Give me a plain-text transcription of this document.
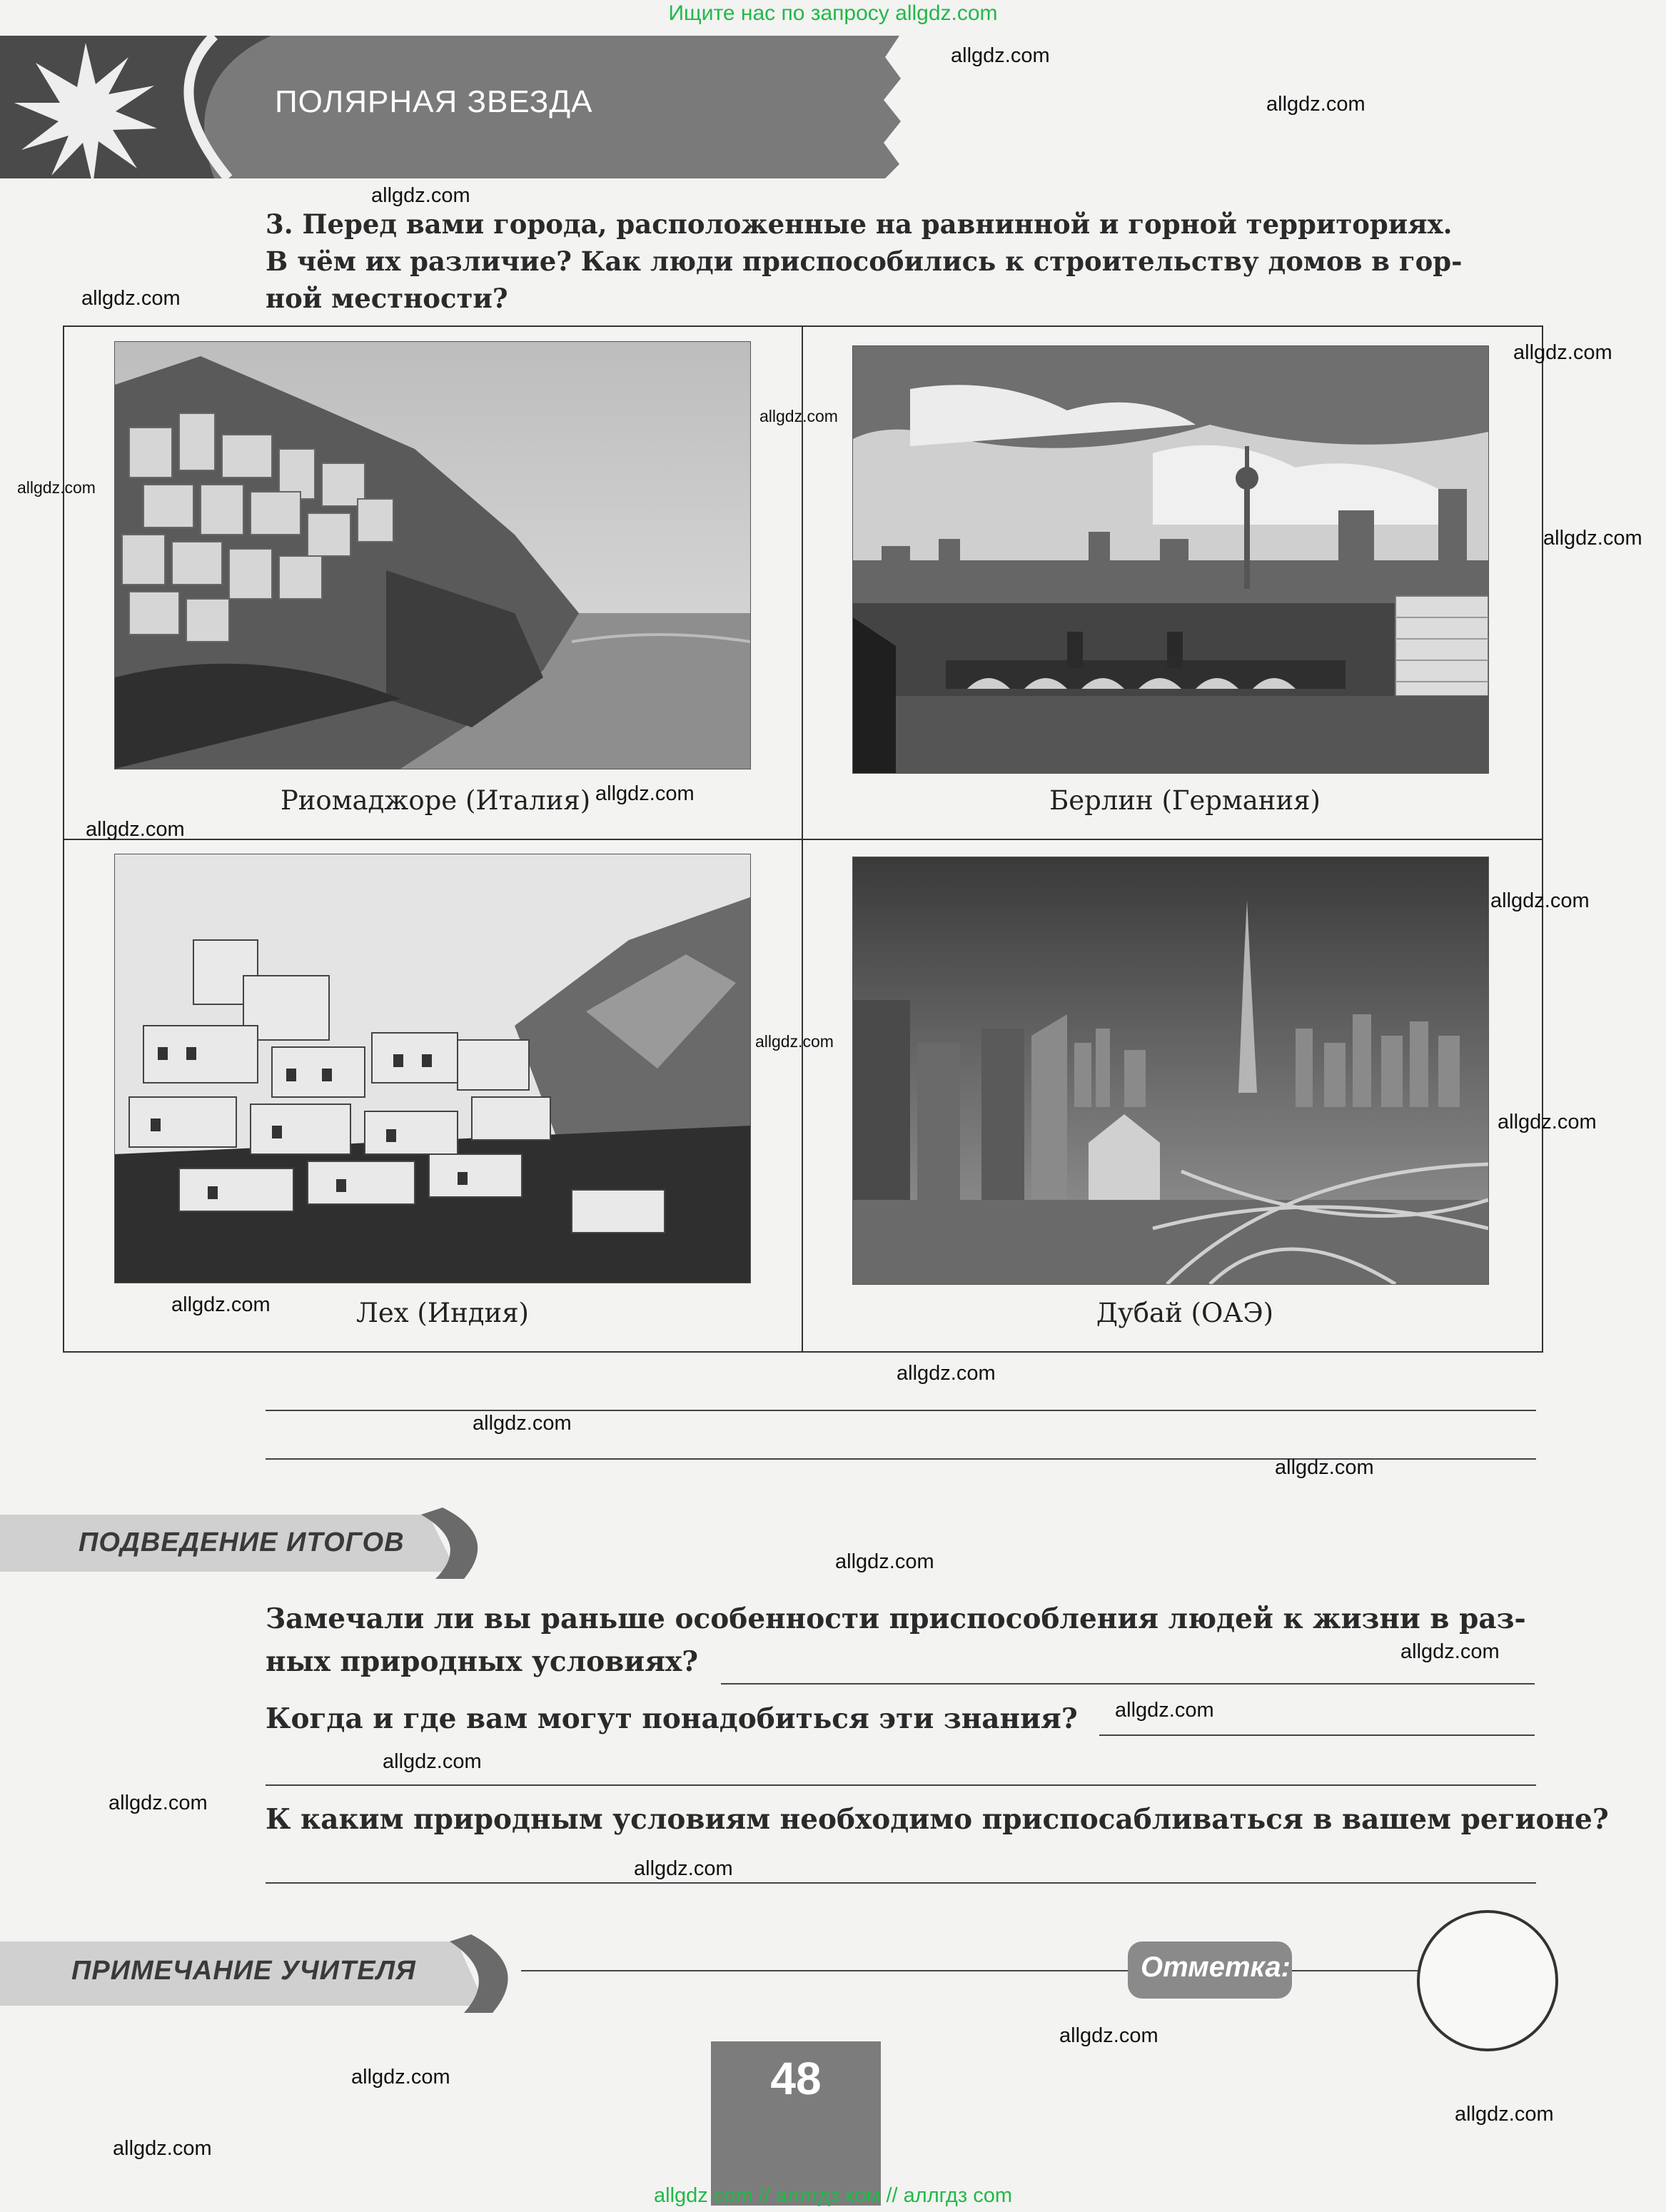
Ищите нас по запросу allgdz.com
ПОЛЯРНАЯ ЗВЕЗДА
3. Перед вами города, расположенные на равнинной и горной территориях.
В чём их различие? Как люди приспособились к строительству домов в гор-
ной местности?
Риомаджоре (Италия)	Берлин (Германия)
Лех (Индия)	Дубай (ОАЭ)
ПОДВЕДЕНИЕ ИТОГОВ
Замечали ли вы раньше особенности приспособления людей к жизни в раз-
ных природных условиях?
Когда и где вам могут понадобиться эти знания?
К каким природным условиям необходимо приспосабливаться в вашем регионе?
ПРИМЕЧАНИЕ УЧИТЕЛЯ	Отметка:
48
allgdz.com
allgdz.com
allgdz.com
allgdz.com
allgdz.com
allgdz.com
allgdz.com
allgdz.com
allgdz.com
allgdz.com
allgdz.com
allgdz.com
allgdz.com
allgdz.com
allgdz.com
allgdz.com
allgdz.com
allgdz.com
allgdz.com
allgdz.com
allgdz.com
allgdz.com
allgdz.com
allgdz.com
allgdz.com
allgdz.com
allgdz.com
allgdz com // аллгдз ком // аллгдз com
